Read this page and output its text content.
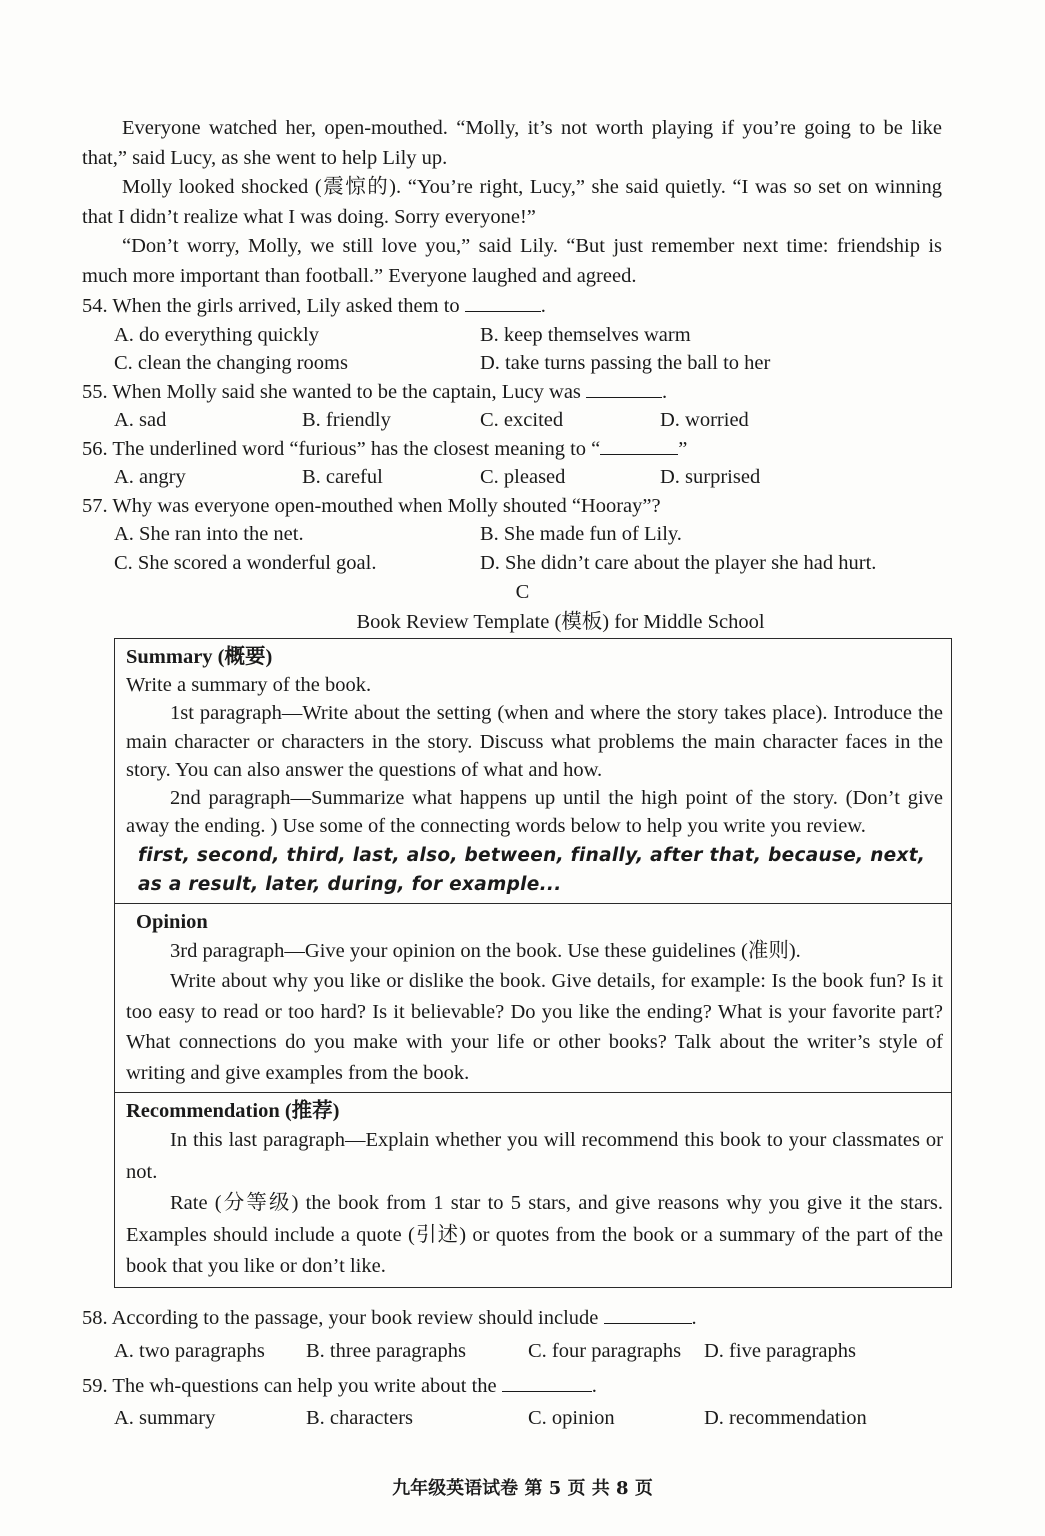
Everyone watched her, open-mouthed. “Molly, it’s not worth playing if you’re going to be like that,” said Lucy, as she went to help Lily up.

Molly looked shocked (震惊的). “You’re right, Lucy,” she said quietly. “I was so set on winning that I didn’t realize what I was doing. Sorry everyone!”

“Don’t worry, Molly, we still love you,” said Lily. “But just remember next time: friendship is much more important than football.” Everyone laughed and agreed.

54. When the girls arrived, Lily asked them to	.
A. do everything quickly	B. keep themselves warm
C. clean the changing rooms	D. take turns passing the ball to her
55. When Molly said she wanted to be the captain, Lucy was	.
A. sad	B. friendly	C. excited	D. worried
56. The underlined word “furious” has the closest meaning to “	”
A. angry	B. careful	C. pleased	D. surprised
57. Why was everyone open-mouthed when Molly shouted “Hooray”?
A. She ran into the net.	B. She made fun of Lily.
C. She scored a wonderful goal.	D. She didn’t care about the player she had hurt.
C
Book Review Template (模板) for Middle School
Summary (概要)

Write a summary of the book.

1st paragraph—Write about the setting (when and where the story takes place). Introduce the main character or characters in the story. Discuss what problems the main character faces in the story. You can also answer the questions of what and how.

2nd paragraph—Summarize what happens up until the high point of the story. (Don’t give away the ending. ) Use some of the connecting words below to help you write you review.

first, second, third, last, also, between, finally, after that, because, next, as a result, later, during, for example...
Opinion

3rd paragraph—Give your opinion on the book. Use these guidelines (准则).

Write about why you like or dislike the book. Give details, for example: Is the book fun? Is it too easy to read or too hard? Is it believable? Do you like the ending? What is your favorite part? What connections do you make with your life or other books? Talk about the writer’s style of writing and give examples from the book.

Recommendation (推荐)

In this last paragraph—Explain whether you will recommend this book to your classmates or not.

Rate (分等级) the book from 1 star to 5 stars, and give reasons why you give it the stars. Examples should include a quote (引述) or quotes from the book or a summary of the part of the book that you like or don’t like.

58. According to the passage, your book review should include	.
A. two paragraphs	B. three paragraphs	C. four paragraphs	D. five paragraphs
59. The wh-questions can help you write about the	.
A. summary	B. characters	C. opinion	D. recommendation
九年级英语试卷 第 5 页 共 8 页
